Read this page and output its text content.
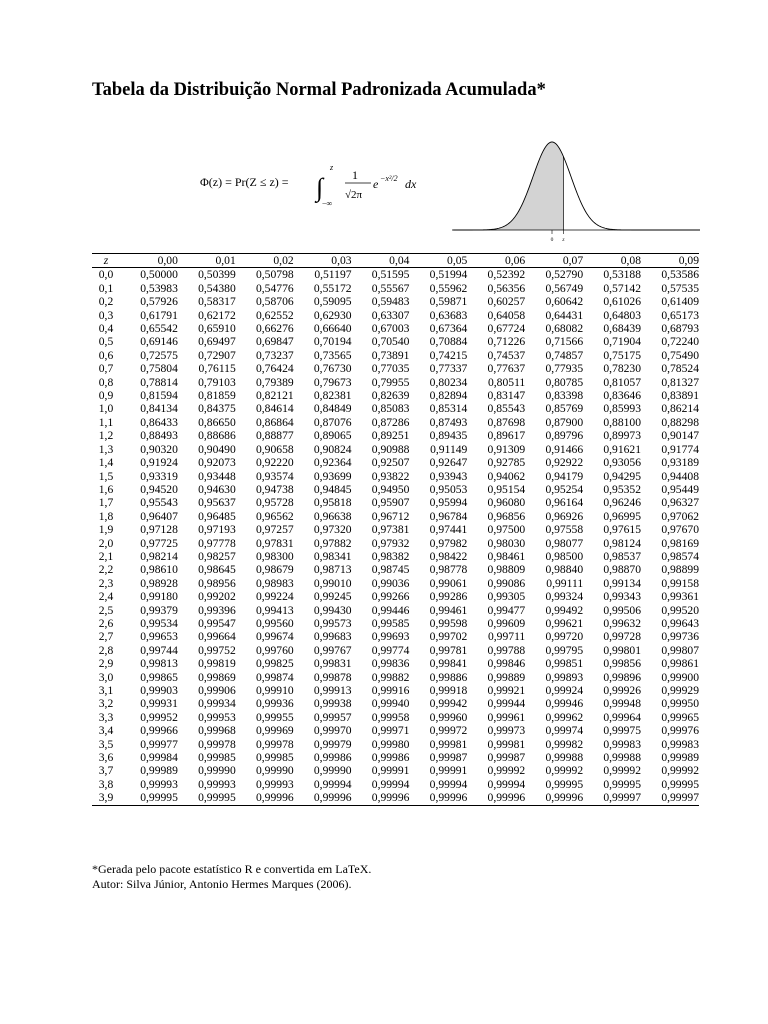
Tabela da Distribuição Normal Padronizada Acumulada*
Φ(z) = Pr(Z ≤ z) = ∫
z
−∞
1
√2π
e −x²/2 dx
0 z
z	0,00	0,01	0,02	0,03	0,04	0,05	0,06	0,07	0,08	0,09
0,0	0,50000	0,50399	0,50798	0,51197	0,51595	0,51994	0,52392	0,52790	0,53188	0,53586
0,1	0,53983	0,54380	0,54776	0,55172	0,55567	0,55962	0,56356	0,56749	0,57142	0,57535
0,2	0,57926	0,58317	0,58706	0,59095	0,59483	0,59871	0,60257	0,60642	0,61026	0,61409
0,3	0,61791	0,62172	0,62552	0,62930	0,63307	0,63683	0,64058	0,64431	0,64803	0,65173
0,4	0,65542	0,65910	0,66276	0,66640	0,67003	0,67364	0,67724	0,68082	0,68439	0,68793
0,5	0,69146	0,69497	0,69847	0,70194	0,70540	0,70884	0,71226	0,71566	0,71904	0,72240
0,6	0,72575	0,72907	0,73237	0,73565	0,73891	0,74215	0,74537	0,74857	0,75175	0,75490
0,7	0,75804	0,76115	0,76424	0,76730	0,77035	0,77337	0,77637	0,77935	0,78230	0,78524
0,8	0,78814	0,79103	0,79389	0,79673	0,79955	0,80234	0,80511	0,80785	0,81057	0,81327
0,9	0,81594	0,81859	0,82121	0,82381	0,82639	0,82894	0,83147	0,83398	0,83646	0,83891
1,0	0,84134	0,84375	0,84614	0,84849	0,85083	0,85314	0,85543	0,85769	0,85993	0,86214
1,1	0,86433	0,86650	0,86864	0,87076	0,87286	0,87493	0,87698	0,87900	0,88100	0,88298
1,2	0,88493	0,88686	0,88877	0,89065	0,89251	0,89435	0,89617	0,89796	0,89973	0,90147
1,3	0,90320	0,90490	0,90658	0,90824	0,90988	0,91149	0,91309	0,91466	0,91621	0,91774
1,4	0,91924	0,92073	0,92220	0,92364	0,92507	0,92647	0,92785	0,92922	0,93056	0,93189
1,5	0,93319	0,93448	0,93574	0,93699	0,93822	0,93943	0,94062	0,94179	0,94295	0,94408
1,6	0,94520	0,94630	0,94738	0,94845	0,94950	0,95053	0,95154	0,95254	0,95352	0,95449
1,7	0,95543	0,95637	0,95728	0,95818	0,95907	0,95994	0,96080	0,96164	0,96246	0,96327
1,8	0,96407	0,96485	0,96562	0,96638	0,96712	0,96784	0,96856	0,96926	0,96995	0,97062
1,9	0,97128	0,97193	0,97257	0,97320	0,97381	0,97441	0,97500	0,97558	0,97615	0,97670
2,0	0,97725	0,97778	0,97831	0,97882	0,97932	0,97982	0,98030	0,98077	0,98124	0,98169
2,1	0,98214	0,98257	0,98300	0,98341	0,98382	0,98422	0,98461	0,98500	0,98537	0,98574
2,2	0,98610	0,98645	0,98679	0,98713	0,98745	0,98778	0,98809	0,98840	0,98870	0,98899
2,3	0,98928	0,98956	0,98983	0,99010	0,99036	0,99061	0,99086	0,99111	0,99134	0,99158
2,4	0,99180	0,99202	0,99224	0,99245	0,99266	0,99286	0,99305	0,99324	0,99343	0,99361
2,5	0,99379	0,99396	0,99413	0,99430	0,99446	0,99461	0,99477	0,99492	0,99506	0,99520
2,6	0,99534	0,99547	0,99560	0,99573	0,99585	0,99598	0,99609	0,99621	0,99632	0,99643
2,7	0,99653	0,99664	0,99674	0,99683	0,99693	0,99702	0,99711	0,99720	0,99728	0,99736
2,8	0,99744	0,99752	0,99760	0,99767	0,99774	0,99781	0,99788	0,99795	0,99801	0,99807
2,9	0,99813	0,99819	0,99825	0,99831	0,99836	0,99841	0,99846	0,99851	0,99856	0,99861
3,0	0,99865	0,99869	0,99874	0,99878	0,99882	0,99886	0,99889	0,99893	0,99896	0,99900
3,1	0,99903	0,99906	0,99910	0,99913	0,99916	0,99918	0,99921	0,99924	0,99926	0,99929
3,2	0,99931	0,99934	0,99936	0,99938	0,99940	0,99942	0,99944	0,99946	0,99948	0,99950
3,3	0,99952	0,99953	0,99955	0,99957	0,99958	0,99960	0,99961	0,99962	0,99964	0,99965
3,4	0,99966	0,99968	0,99969	0,99970	0,99971	0,99972	0,99973	0,99974	0,99975	0,99976
3,5	0,99977	0,99978	0,99978	0,99979	0,99980	0,99981	0,99981	0,99982	0,99983	0,99983
3,6	0,99984	0,99985	0,99985	0,99986	0,99986	0,99987	0,99987	0,99988	0,99988	0,99989
3,7	0,99989	0,99990	0,99990	0,99990	0,99991	0,99991	0,99992	0,99992	0,99992	0,99992
3,8	0,99993	0,99993	0,99993	0,99994	0,99994	0,99994	0,99994	0,99995	0,99995	0,99995
3,9	0,99995	0,99995	0,99996	0,99996	0,99996	0,99996	0,99996	0,99996	0,99997	0,99997
*Gerada pelo pacote estatístico R e convertida em LaTeX.
Autor: Silva Júnior, Antonio Hermes Marques (2006).
